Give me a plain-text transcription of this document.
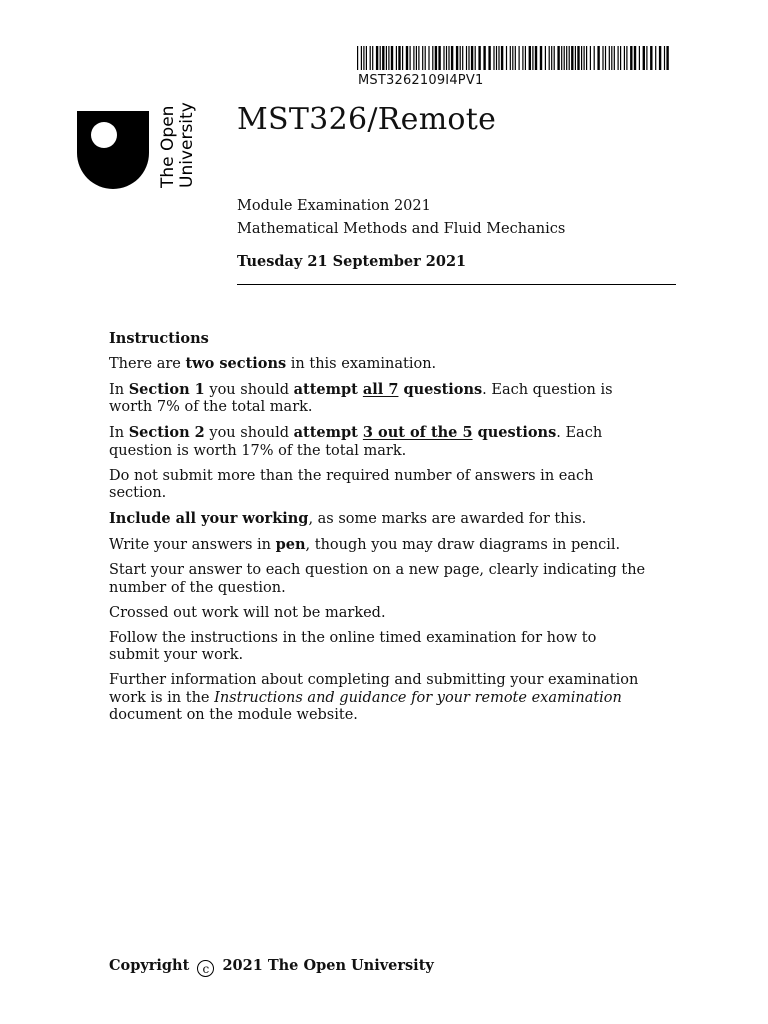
MST3262109I4PV1
The Open
University MST326/Remote
Module Examination 2021
Mathematical Methods and Fluid Mechanics
Tuesday 21 September 2021
Instructions

There are two sections in this examination.

In Section 1 you should attempt all 7 questions. Each question is worth 7% of the total mark.

In Section 2 you should attempt 3 out of the 5 questions. Each question is worth 17% of the total mark.

Do not submit more than the required number of answers in each section.

Include all your working, as some marks are awarded for this.

Write your answers in pen, though you may draw diagrams in pencil.

Start your answer to each question on a new page, clearly indicating the number of the question.

Crossed out work will not be marked.

Follow the instructions in the online timed examination for how to submit your work.

Further information about completing and submitting your examination work is in the Instructions and guidance for your remote examination document on the module website.

Copyright c 2021 The Open University
